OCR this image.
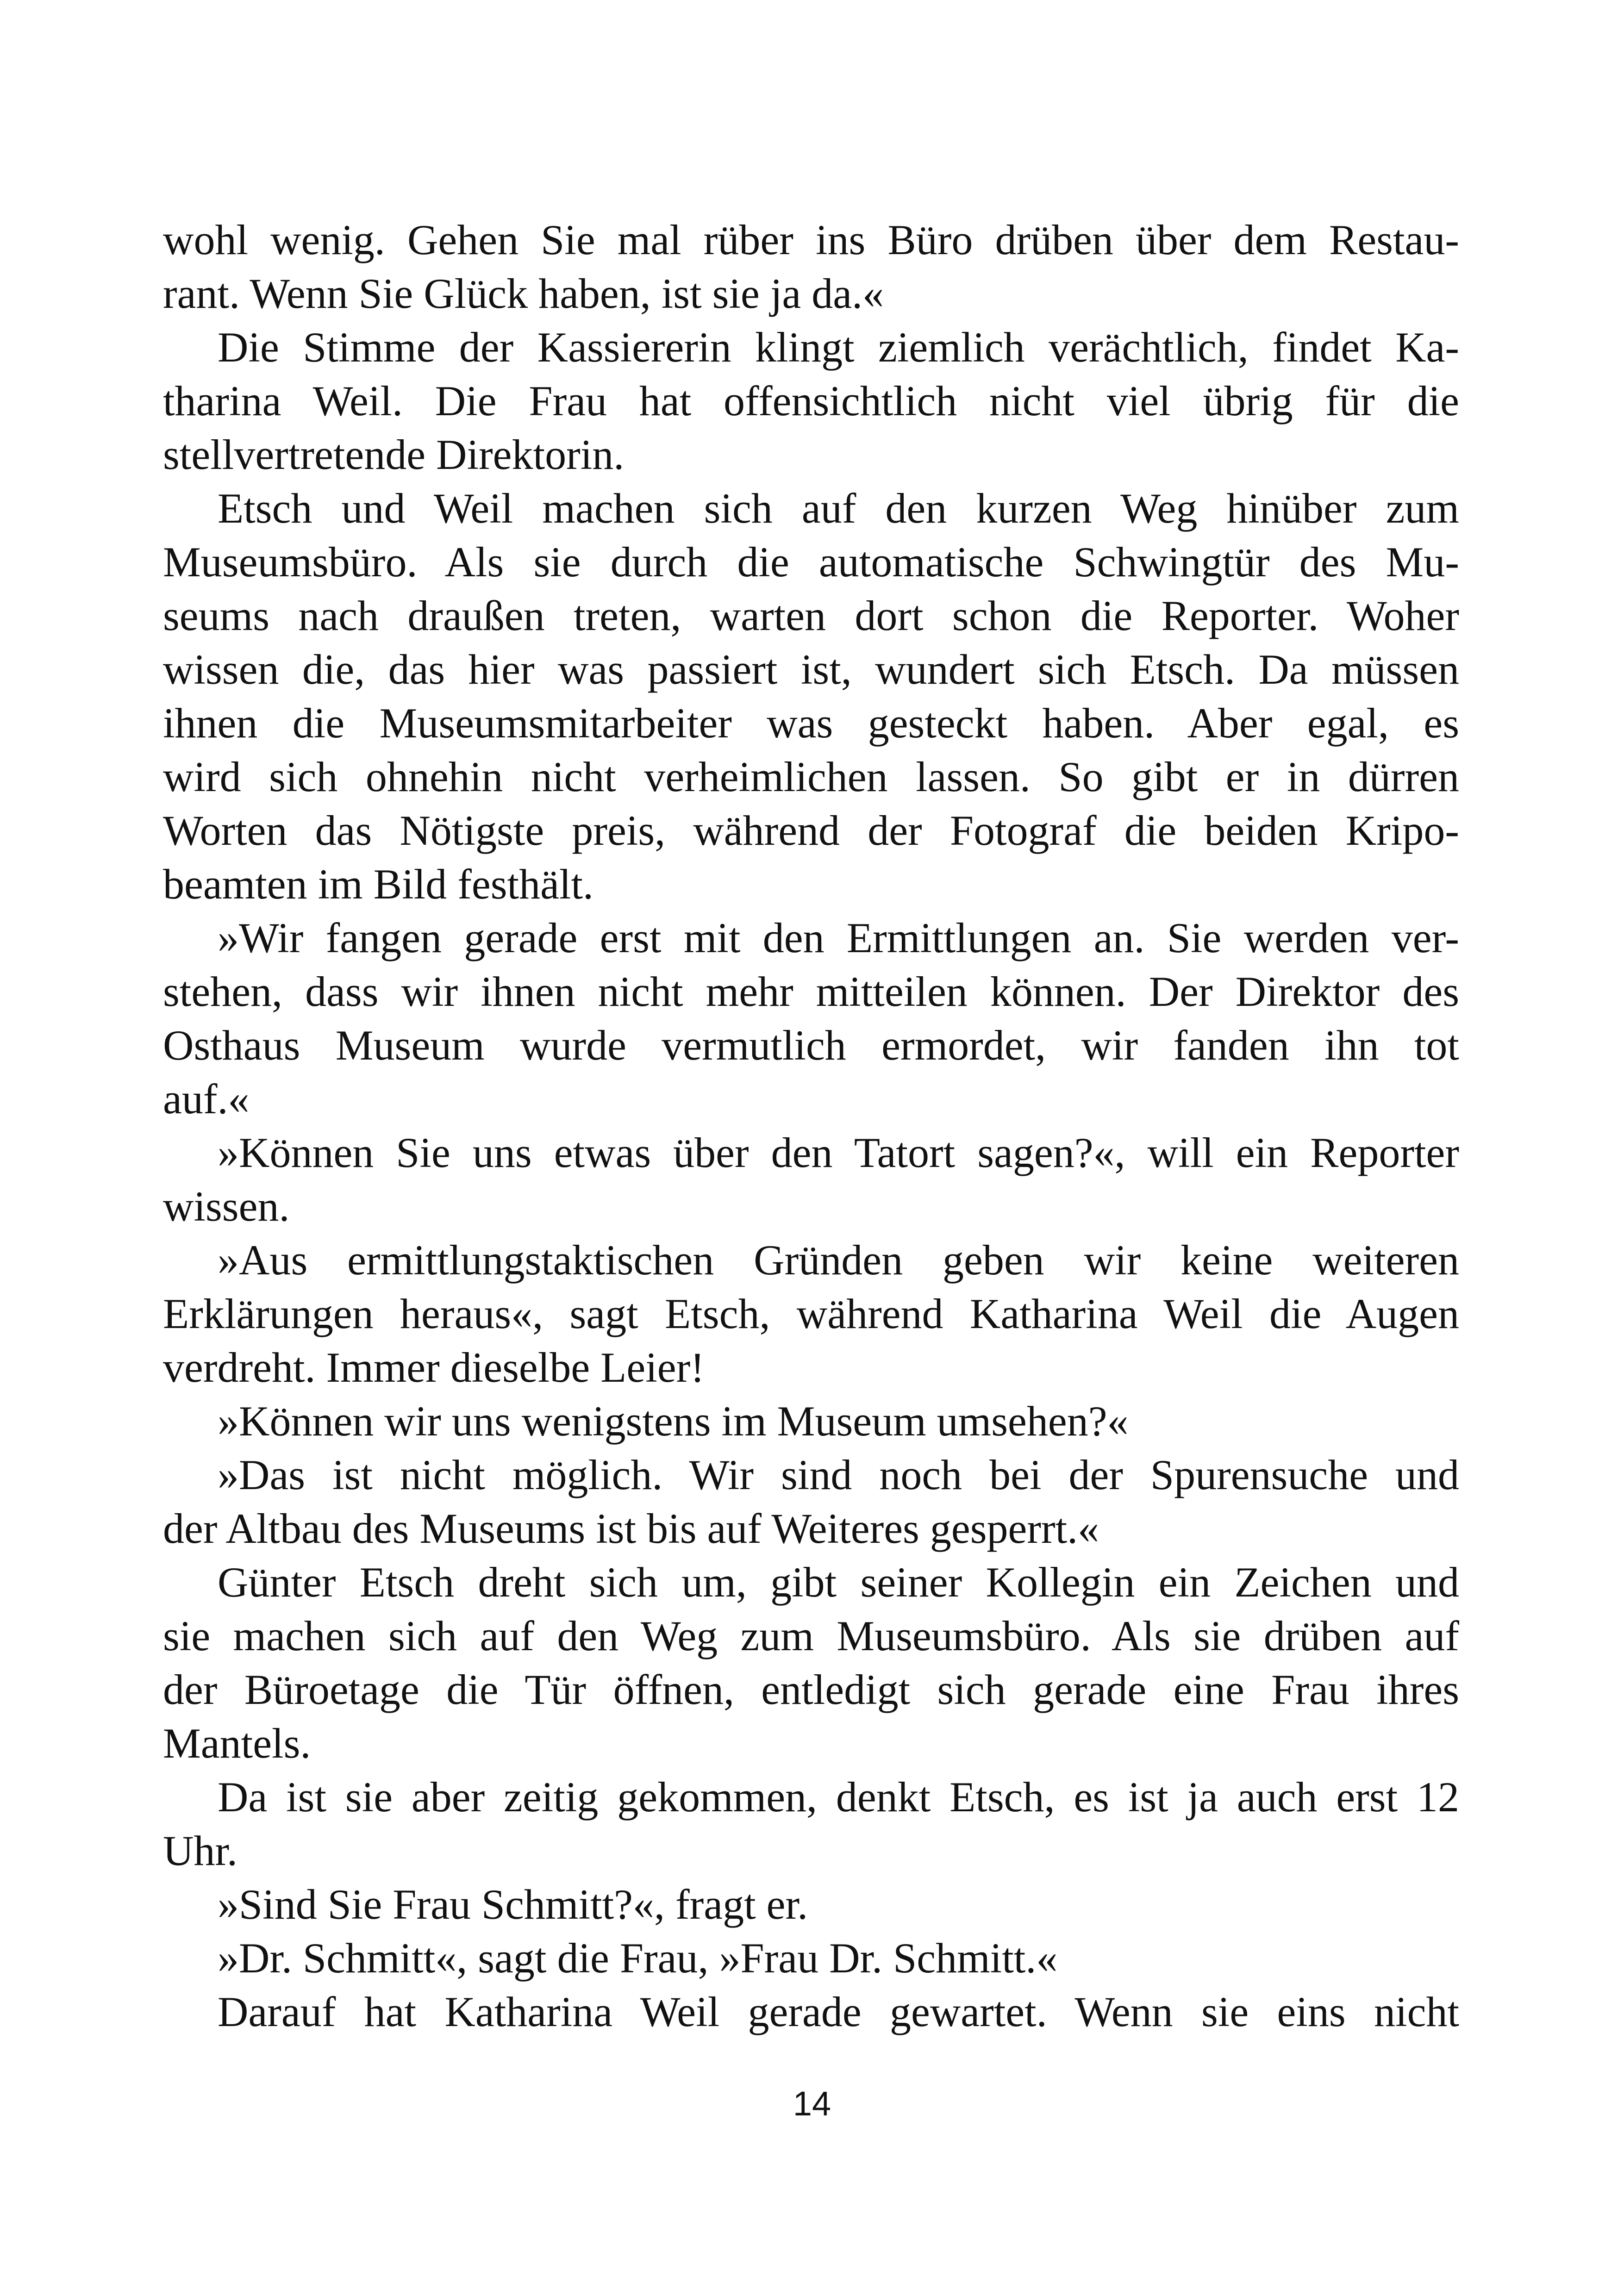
wohl wenig. Gehen Sie mal rüber ins Büro drüben über dem Restau-
rant. Wenn Sie Glück haben, ist sie ja da.«
Die Stimme der Kassiererin klingt ziemlich verächtlich, findet Ka-
tharina Weil. Die Frau hat offensichtlich nicht viel übrig für die
stellvertretende Direktorin.
Etsch und Weil machen sich auf den kurzen Weg hinüber zum
Museumsbüro. Als sie durch die automatische Schwingtür des Mu-
seums nach draußen treten, warten dort schon die Reporter. Woher
wissen die, das hier was passiert ist, wundert sich Etsch. Da müssen
ihnen die Museumsmitarbeiter was gesteckt haben. Aber egal, es
wird sich ohnehin nicht verheimlichen lassen. So gibt er in dürren
Worten das Nötigste preis, während der Fotograf die beiden Kripo-
beamten im Bild festhält.
»Wir fangen gerade erst mit den Ermittlungen an. Sie werden ver-
stehen, dass wir ihnen nicht mehr mitteilen können. Der Direktor des
Osthaus Museum wurde vermutlich ermordet, wir fanden ihn tot
auf.«
»Können Sie uns etwas über den Tatort sagen?«, will ein Reporter
wissen.
»Aus ermittlungstaktischen Gründen geben wir keine weiteren
Erklärungen heraus«, sagt Etsch, während Katharina Weil die Augen
verdreht. Immer dieselbe Leier!
»Können wir uns wenigstens im Museum umsehen?«
»Das ist nicht möglich. Wir sind noch bei der Spurensuche und
der Altbau des Museums ist bis auf Weiteres gesperrt.«
Günter Etsch dreht sich um, gibt seiner Kollegin ein Zeichen und
sie machen sich auf den Weg zum Museumsbüro. Als sie drüben auf
der Büroetage die Tür öffnen, entledigt sich gerade eine Frau ihres
Mantels.
Da ist sie aber zeitig gekommen, denkt Etsch, es ist ja auch erst 12
Uhr.
»Sind Sie Frau Schmitt?«, fragt er.
»Dr. Schmitt«, sagt die Frau, »Frau Dr. Schmitt.«
Darauf hat Katharina Weil gerade gewartet. Wenn sie eins nicht
14
